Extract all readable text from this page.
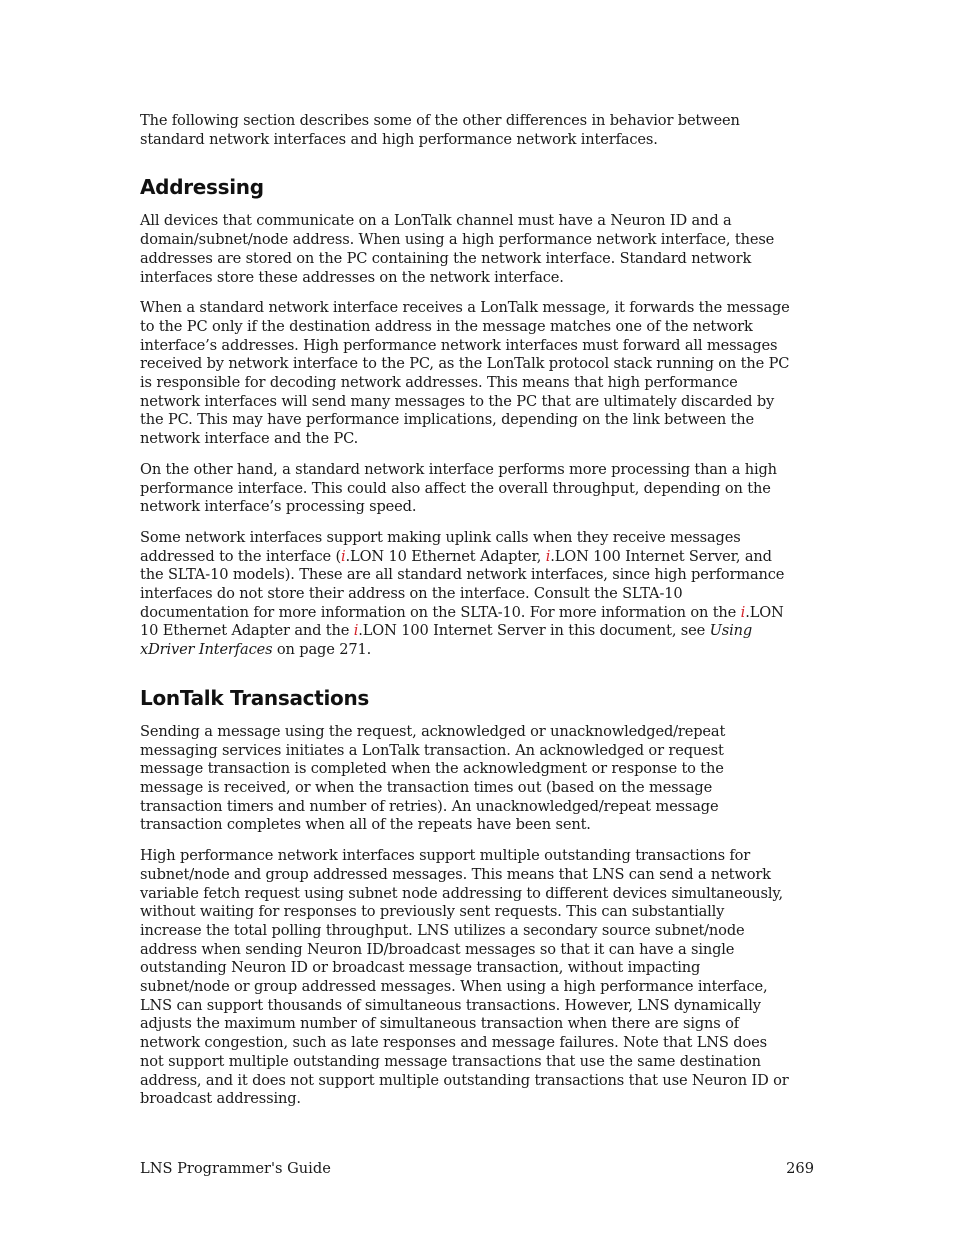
The following section describes some of the other differences in behavior between standard network interfaces and high performance network interfaces.

Addressing

All devices that communicate on a LonTalk channel must have a Neuron ID and a domain/subnet/node address. When using a high performance network interface, these addresses are stored on the PC containing the network interface. Standard network interfaces store these addresses on the network interface.

When a standard network interface receives a LonTalk message, it forwards the message to the PC only if the destination address in the message matches one of the network interface’s addresses. High performance network interfaces must forward all messages received by network interface to the PC, as the LonTalk protocol stack running on the PC is responsible for decoding network addresses. This means that high performance network interfaces will send many messages to the PC that are ultimately discarded by the PC. This may have performance implications, depending on the link between the network interface and the PC.

On the other hand, a standard network interface performs more processing than a high performance interface. This could also affect the overall throughput, depending on the network interface’s processing speed.

Some network interfaces support making uplink calls when they receive messages addressed to the interface (i.LON 10 Ethernet Adapter, i.LON 100 Internet Server, and the SLTA-10 models). These are all standard network interfaces, since high performance interfaces do not store their address on the interface. Consult the SLTA-10 documentation for more information on the SLTA-10. For more information on the i.LON 10 Ethernet Adapter and the i.LON 100 Internet Server in this document, see Using xDriver Interfaces on page 271.

LonTalk Transactions

Sending a message using the request, acknowledged or unacknowledged/repeat messaging services initiates a LonTalk transaction. An acknowledged or request message transaction is completed when the acknowledgment or response to the message is received, or when the transaction times out (based on the message transaction timers and number of retries). An unacknowledged/repeat message transaction completes when all of the repeats have been sent.

High performance network interfaces support multiple outstanding transactions for subnet/node and group addressed messages. This means that LNS can send a network variable fetch request using subnet node addressing to different devices simultaneously, without waiting for responses to previously sent requests. This can substantially increase the total polling throughput. LNS utilizes a secondary source subnet/node address when sending Neuron ID/broadcast messages so that it can have a single outstanding Neuron ID or broadcast message transaction, without impacting subnet/node or group addressed messages. When using a high performance interface, LNS can support thousands of simultaneous transactions. However, LNS dynamically adjusts the maximum number of simultaneous transaction when there are signs of network congestion, such as late responses and message failures. Note that LNS does not support multiple outstanding message transactions that use the same destination address, and it does not support multiple outstanding transactions that use Neuron ID or broadcast addressing.

LNS Programmer's Guide	269
